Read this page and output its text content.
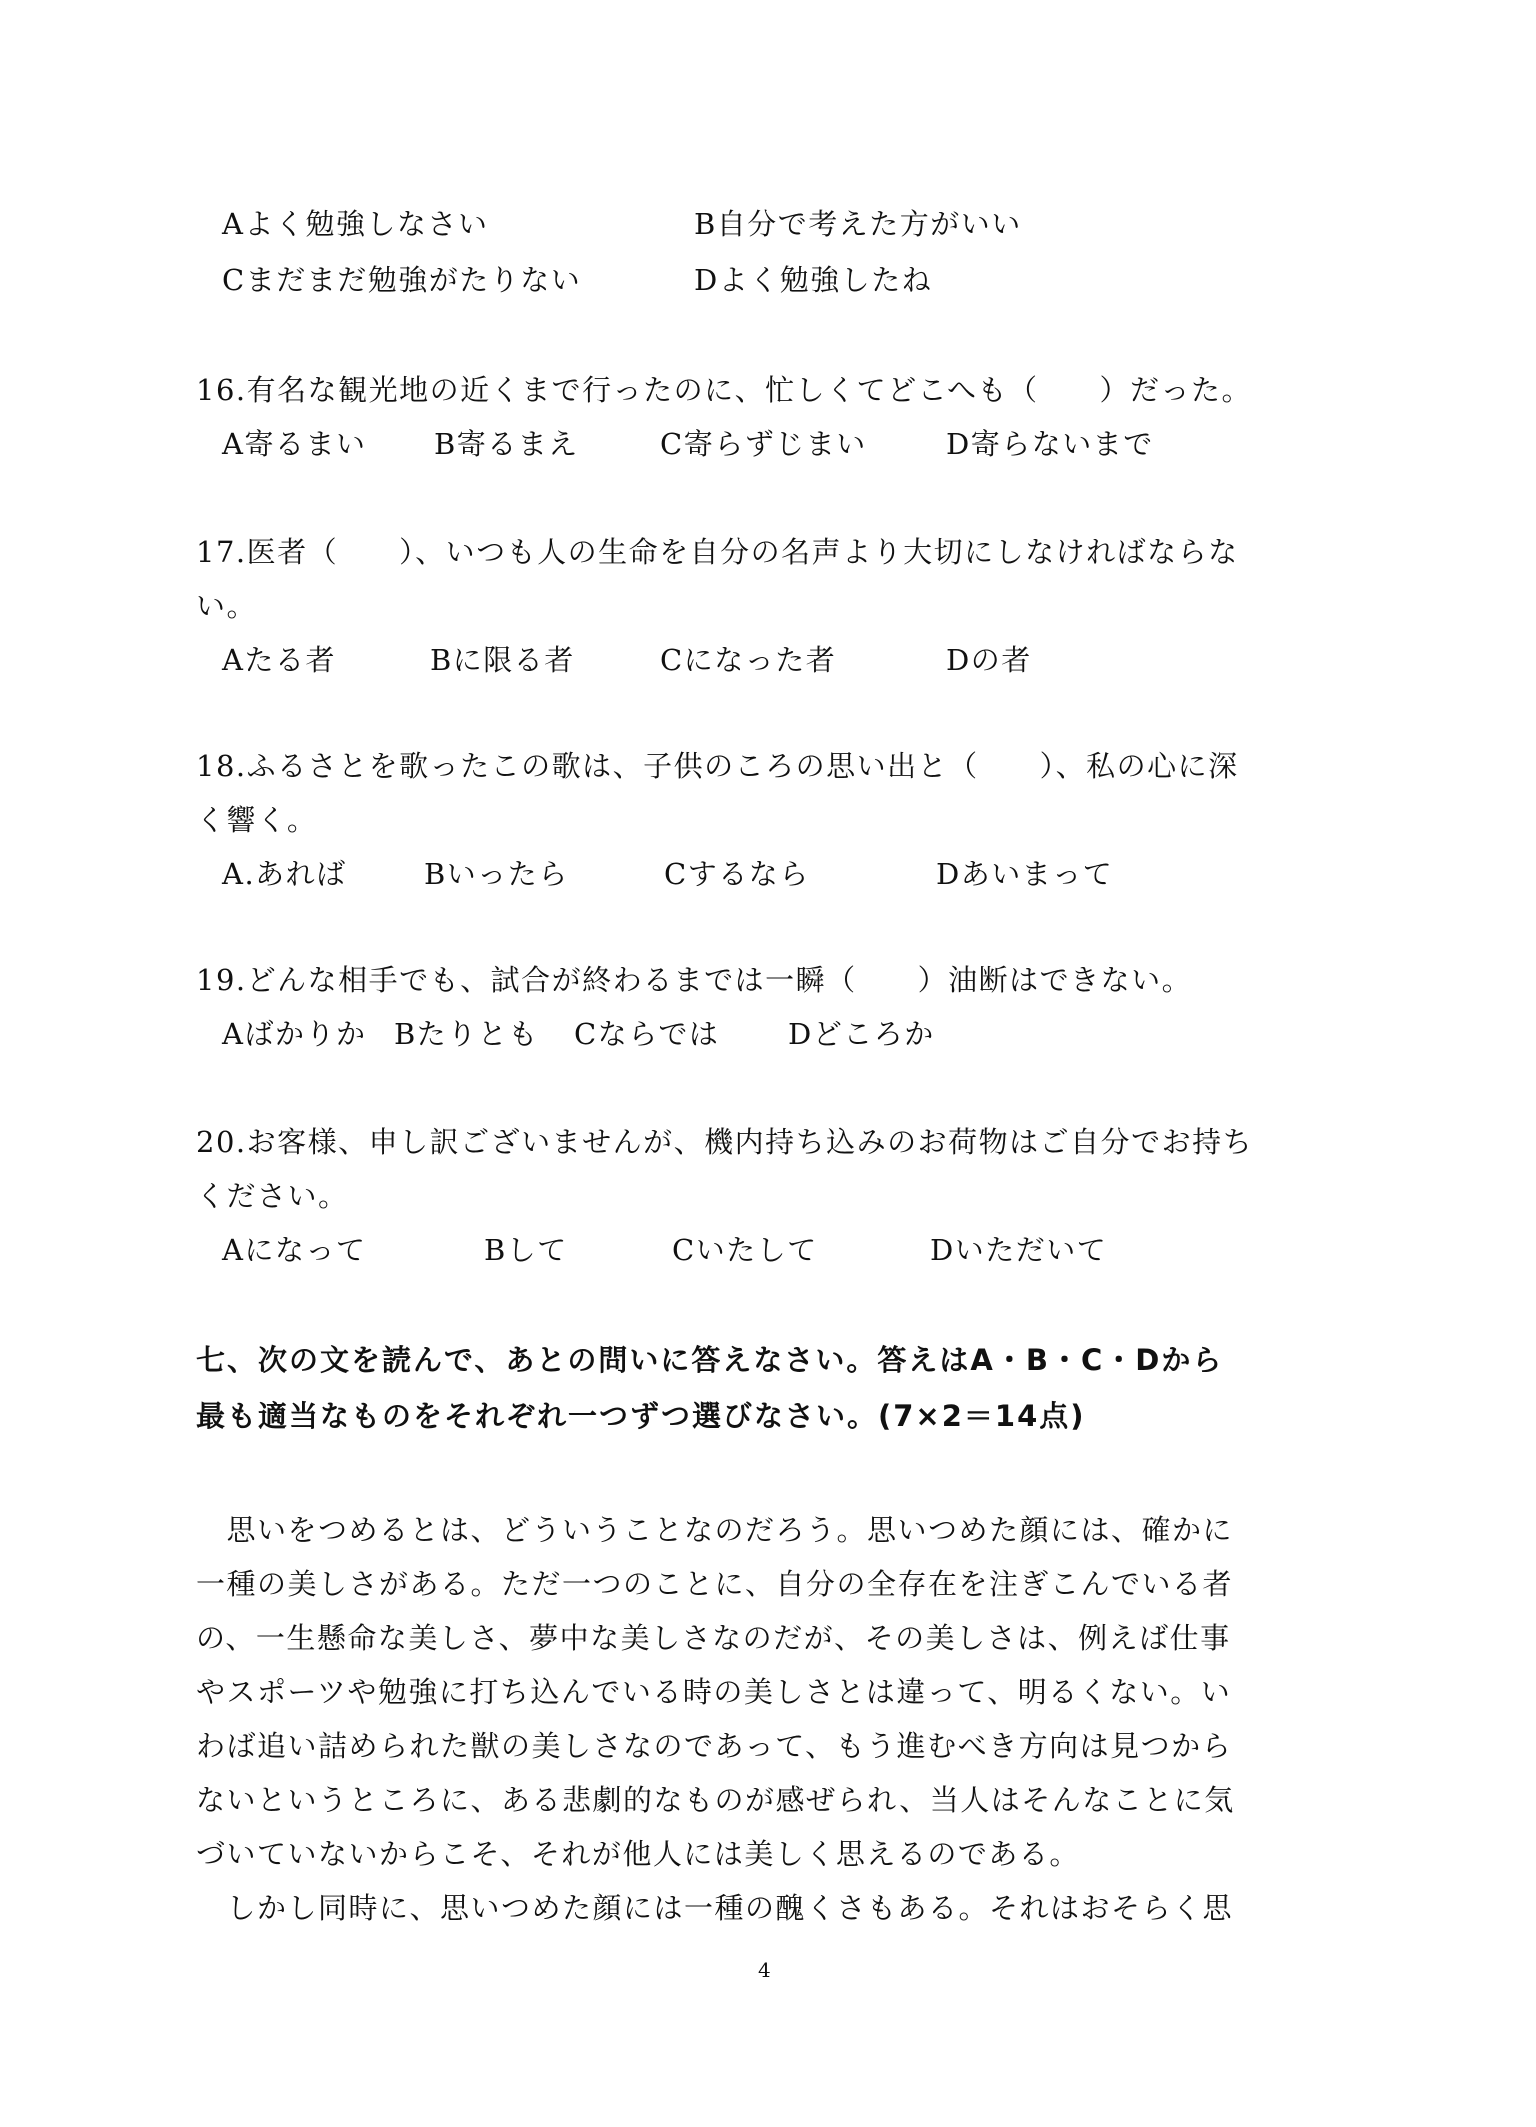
Aよく勉強しなさい	B自分で考えた方がいい
Cまだまだ勉強がたりない	Dよく勉強したね
16.有名な観光地の近くまで行ったのに、忙しくてどこへも（　　）だった。
A寄るまい B寄るまえ	C寄らずじまい	D寄らないまで
17.医者（　　）、いつも人の生命を自分の名声より大切にしなければならな
い。
Aたる者	Bに限る者	Cになった者	Dの者
18.ふるさとを歌ったこの歌は、子供のころの思い出と（　　）、私の心に深
く響く。
A.あれば	Bいったら	Cするなら	Dあいまって
19.どんな相手でも、試合が終わるまでは一瞬（　　）油断はできない。
Aばかりか Bたりとも Cならでは Dどころか
20.お客様、申し訳ございませんが、機内持ち込みのお荷物はご自分でお持ち
ください。
Aになって	Bして	Cいたして	Dいただいて
七、次の文を読んで、あとの問いに答えなさい。答えはA・B・C・Dから
最も適当なものをそれぞれ一つずつ選びなさい。(7×2＝14点)
　思いをつめるとは、どういうことなのだろう。思いつめた顔には、確かに
一種の美しさがある。ただ一つのことに、自分の全存在を注ぎこんでいる者
の、一生懸命な美しさ、夢中な美しさなのだが、その美しさは、例えば仕事
やスポーツや勉強に打ち込んでいる時の美しさとは違って、明るくない。い
わば追い詰められた獣の美しさなのであって、もう進むべき方向は見つから
ないというところに、ある悲劇的なものが感ぜられ、当人はそんなことに気
づいていないからこそ、それが他人には美しく思えるのである。
　しかし同時に、思いつめた顔には一種の醜くさもある。それはおそらく思
4
